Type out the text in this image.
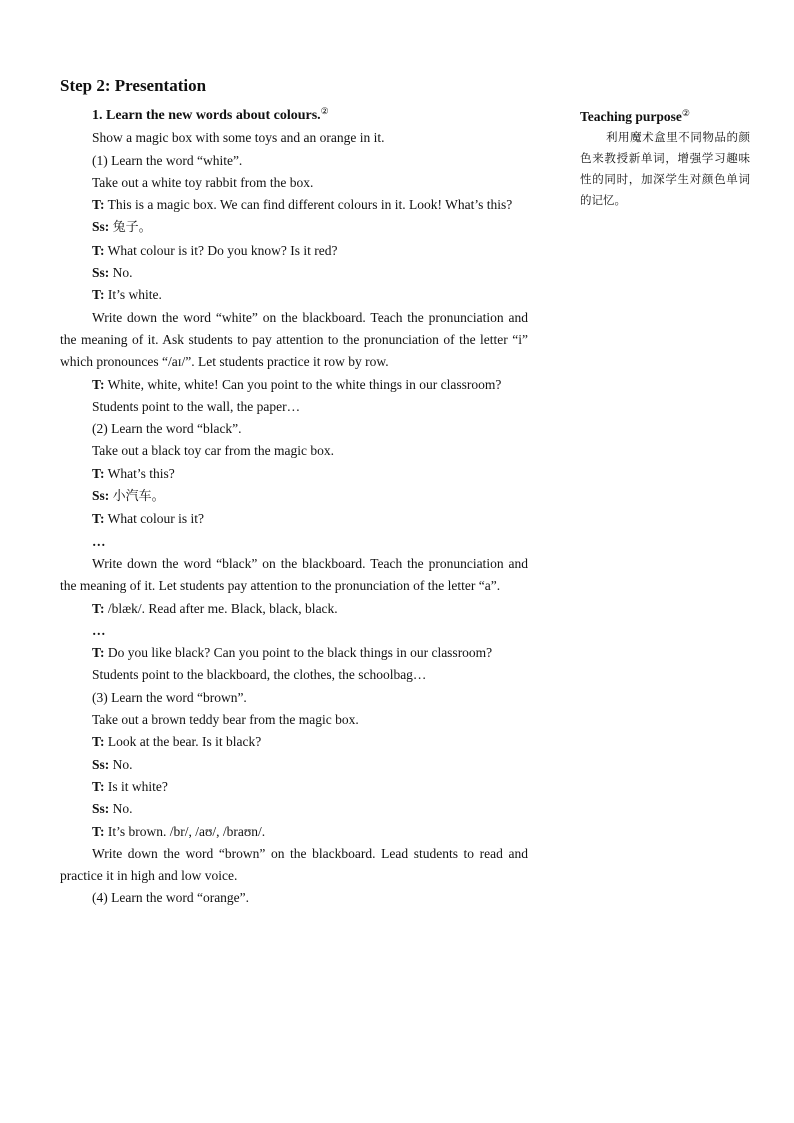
Step 2: Presentation

1. Learn the new words about colours.②

Show a magic box with some toys and an orange in it.

(1) Learn the word “white”.

Take out a white toy rabbit from the box.

T: This is a magic box. We can find different colours in it. Look! What’s this?

Ss: 兔子。

T: What colour is it? Do you know? Is it red?

Ss: No.

T: It’s white.

Write down the word “white” on the blackboard. Teach the pronunciation and the meaning of it. Ask students to pay attention to the pronunciation of the letter “i” which pronounces “/aɪ/”. Let students practice it row by row.

T: White, white, white! Can you point to the white things in our classroom?

Students point to the wall, the paper…

(2) Learn the word “black”.

Take out a black toy car from the magic box.

T: What’s this?

Ss: 小汽车。

T: What colour is it?

…

Write down the word “black” on the blackboard. Teach the pronunciation and the meaning of it. Let students pay attention to the pronunciation of the letter “a”.

T: /blæk/. Read after me. Black, black, black.

…

T: Do you like black? Can you point to the black things in our classroom?

Students point to the blackboard, the clothes, the schoolbag…

(3) Learn the word “brown”.

Take out a brown teddy bear from the magic box.

T: Look at the bear. Is it black?

Ss: No.

T: Is it white?

Ss: No.

T: It’s brown. /br/, /aʊ/, /braʊn/.

Write down the word “brown” on the blackboard. Lead students to read and practice it in high and low voice.

(4) Learn the word “orange”.

Teaching purpose②

利用魔术盒里不同物品的颜色来教授新单词，增强学习趣味性的同时，加深学生对颜色单词的记忆。
